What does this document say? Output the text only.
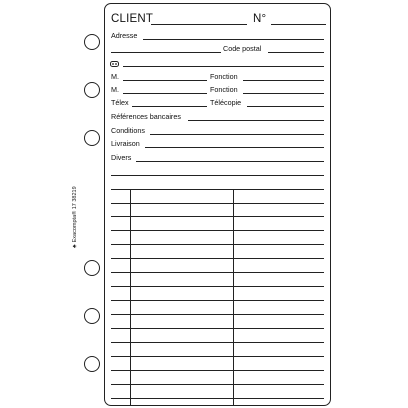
♣Exacompta® 17 38219
CLIENT	N°
Adresse
Code postal
M.	Fonction
M.	Fonction
Télex	Télécopie
Références bancaires
Conditions
Livraison
Divers
